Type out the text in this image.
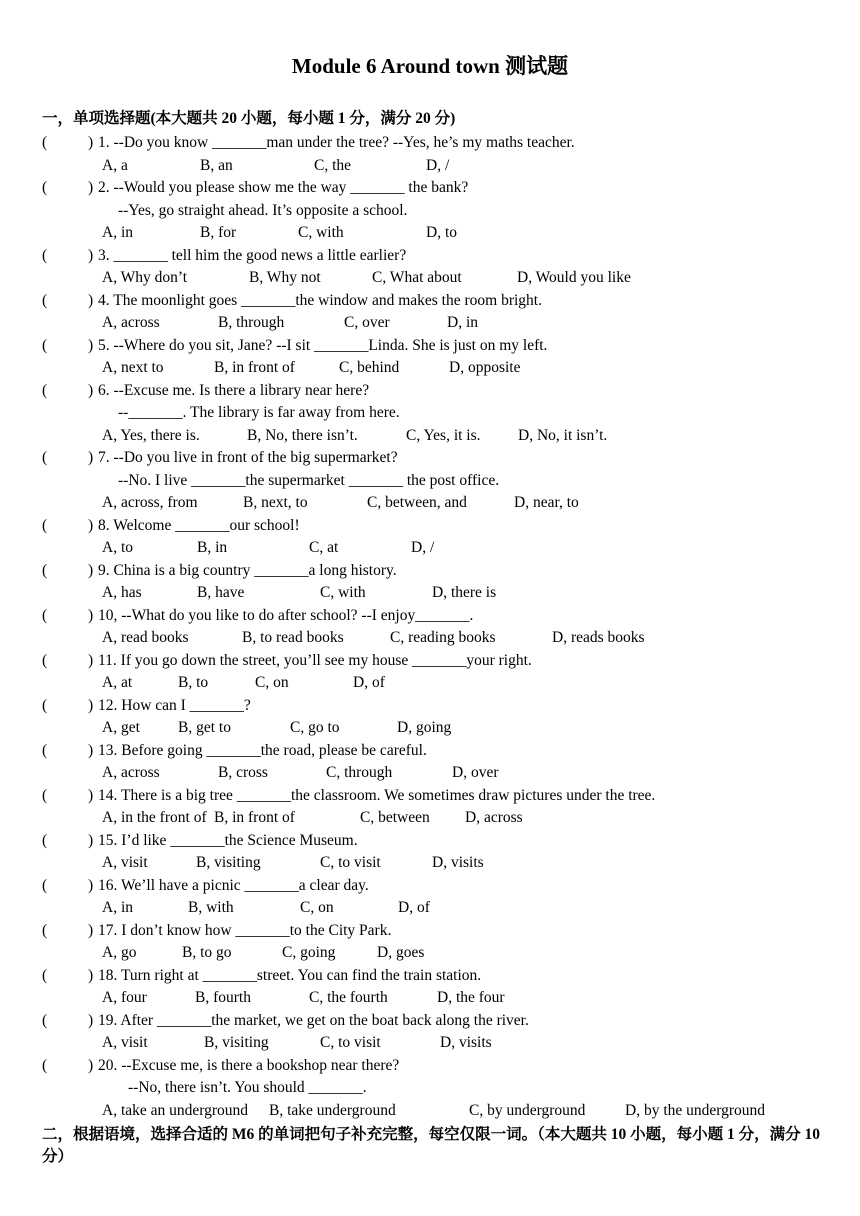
Module 6 Around town 测试题
一，单项选择题(本大题共 20 小题，每小题 1 分，满分 20 分)
(	) 1. --Do you know _______man under the tree? --Yes, he’s my maths teacher.
A, a	B, an	C, the	D, /
(	) 2. --Would you please show me the way _______ the bank?
--Yes, go straight ahead. It’s opposite a school.
A, in	B, for	C, with	D, to
(	) 3. _______ tell him the good news a little earlier?
A, Why don’t	B, Why not	C, What about	D, Would you like
(	) 4. The moonlight goes _______the window and makes the room bright.
A, across	B, through	C, over	D, in
(	) 5. --Where do you sit, Jane? --I sit _______Linda. She is just on my left.
A, next to	B, in front of	C, behind	D, opposite
(	) 6. --Excuse me. Is there a library near here?
--_______. The library is far away from here.
A, Yes, there is.	B, No, there isn’t.	C, Yes, it is. D, No, it isn’t.
(	) 7. --Do you live in front of the big supermarket?
--No. I live _______the supermarket _______ the post office.
A, across, from	B, next, to	C, between, and	D, near, to
(	) 8. Welcome _______our school!
A, to	B, in	C, at	D, /
(	) 9. China is a big country _______a long history.
A, has	B, have	C, with	D, there is
(	) 10, --What do you like to do after school? --I enjoy_______.
A, read books	B, to read books	C, reading books	D, reads books
(	) 11. If you go down the street, you’ll see my house _______your right.
A, at	B, to	C, on	D, of
(	) 12. How can I _______?
A, get B, get to	C, go to	D, going
(	) 13. Before going _______the road, please be careful.
A, across	B, cross	C, through	D, over
(	) 14. There is a big tree _______the classroom. We sometimes draw pictures under the tree.
A, in the front of B, in front of	C, between D, across
(	) 15. I’d like _______the Science Museum.
A, visit	B, visiting	C, to visit	D, visits
(	) 16. We’ll have a picnic _______a clear day.
A, in	B, with	C, on	D, of
(	) 17. I don’t know how _______to the City Park.
A, go	B, to go	C, going	D, goes
(	) 18. Turn right at _______street. You can find the train station.
A, four	B, fourth	C, the fourth	D, the four
(	) 19. After _______the market, we get on the boat back along the river.
A, visit	B, visiting	C, to visit	D, visits
(	) 20. --Excuse me, is there a bookshop near there?
--No, there isn’t. You should _______.
A, take an underground B, take underground	C, by underground	D, by the underground
二，根据语境，选择合适的 M6 的单词把句子补充完整，每空仅限一词。（本大题共 10 小题，每小题 1 分，满分 10 分）
